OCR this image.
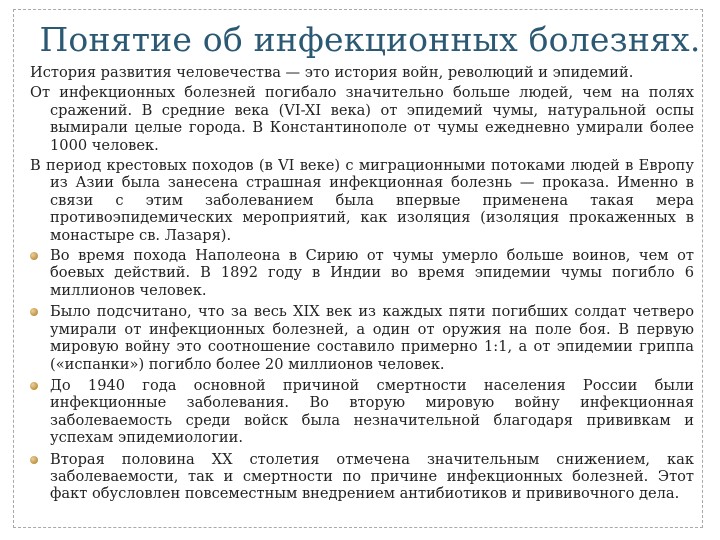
Понятие об инфекционных болезнях.

История развития человечества — это история войн, революций и эпидемий.

От инфекционных болезней погибало значительно больше людей, чем на полях сражений. В средние века (VI-XI века) от эпидемий чумы, натуральной оспы вымирали целые города. В Константинополе от чумы ежедневно умирали более 1000 человек.

В период крестовых походов (в VI веке) с миграционными потоками людей в Европу из Азии была занесена страшная инфекционная болезнь — проказа. Именно в связи с этим заболеванием была впервые применена такая мера противоэпидемических мероприятий, как изоляция (изоляция прокаженных в монастыре св. Лазаря).

Во время похода Наполеона в Сирию от чумы умерло больше воинов, чем от боевых действий. В 1892 году в Индии во время эпидемии чумы погибло 6 миллионов человек.
Было подсчитано, что за весь XIX век из каждых пяти погибших солдат четверо умирали от инфекционных болезней, а один от оружия на поле боя. В первую мировую войну это соотношение составило примерно 1:1, а от эпидемии гриппа («испанки») погибло более 20 миллионов человек.
До 1940 года основной причиной смертности населения России были инфекционные заболевания. Во вторую мировую войну инфекционная заболеваемость среди войск была незначительной благодаря прививкам и успехам эпидемиологии.
Вторая половина XX столетия отмечена значительным снижением, как заболеваемости, так и смертности по причине инфекционных болезней. Этот факт обусловлен повсеместным внедрением антибиотиков и прививочного дела.
